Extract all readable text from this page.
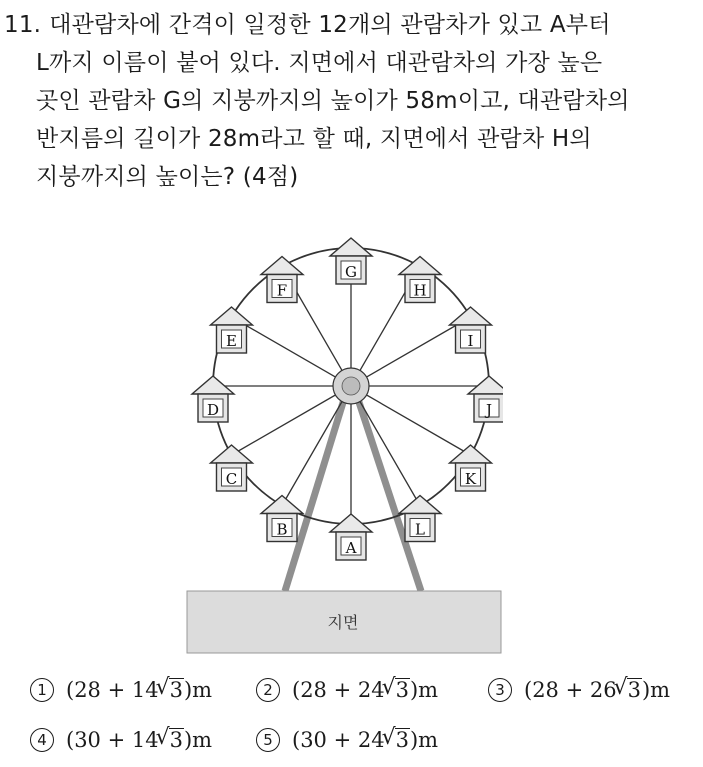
11. 대관람차에 간격이 일정한 12개의 관람차가 있고 A부터
L까지 이름이 붙어 있다. 지면에서 대관람차의 가장 높은
곳인 관람차 G의 지붕까지의 높이가 58m이고, 대관람차의
반지름의 길이가 28m라고 할 때, 지면에서 관람차 H의
지붕까지의 높이는? (4점)
A
B
C
D
E
F
G
H
I
J
K
L
지면
1 (28 + 14 √ 3)m	2 (28 + 24 √ 3)m	3 (28 + 26 √ 3)m
4 (30 + 14 √ 3)m	5 (30 + 24 √ 3)m
